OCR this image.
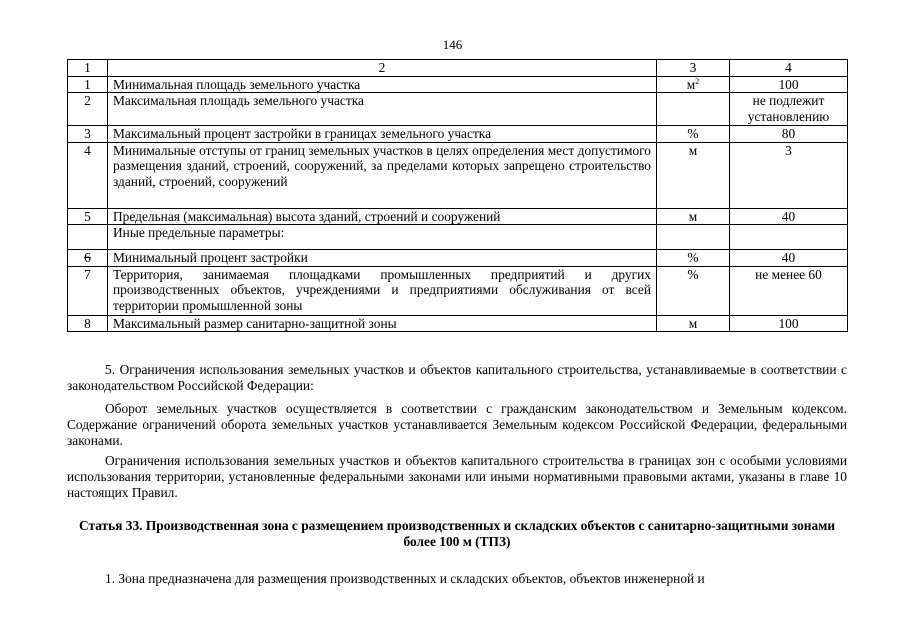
146
1	2	3	4
1	Минимальная площадь земельного участка	$м^2$	100
2	Максимальная площадь земельного участка		не подлежит установлению
3	Максимальный процент застройки в границах земельного участка	%	80
4	Минимальные отступы от границ земельных участков в целях определения мест допустимого размещения зданий, строений, сооружений, за пределами которых запрещено строительство зданий, строений, сооружений	м	3
5	Предельная (максимальная) высота зданий, строений и сооружений	м	40
	Иные предельные параметры:		
6	Минимальный процент застройки	%	40
7	Территория, занимаемая площадками промышленных предприятий и других производственных объектов, учреждениями и предприятиями обслуживания от всей территории промышленной зоны	%	не менее 60
8	Максимальный размер санитарно-защитной зоны	м	100

5. Ограничения использования земельных участков и объектов капитального строительства, устанавливаемые в соответствии с законодательством Российской Федерации:

Оборот земельных участков осуществляется в соответствии с гражданским законодательством и Земельным кодексом. Содержание ограничений оборота земельных участков устанавливается Земельным кодексом Российской Федерации, федеральными законами.

Ограничения использования земельных участков и объектов капитального строительства в границах зон с особыми условиями использования территории, установленные федеральными законами или иными нормативными правовыми актами, указаны в главе 10 настоящих Правил.

Статья 33. Производственная зона с размещением производственных и складских объектов с санитарно-защитными зонами более 100 м (ТПЗ)

1. Зона предназначена для размещения производственных и складских объектов, объектов инженерной и
